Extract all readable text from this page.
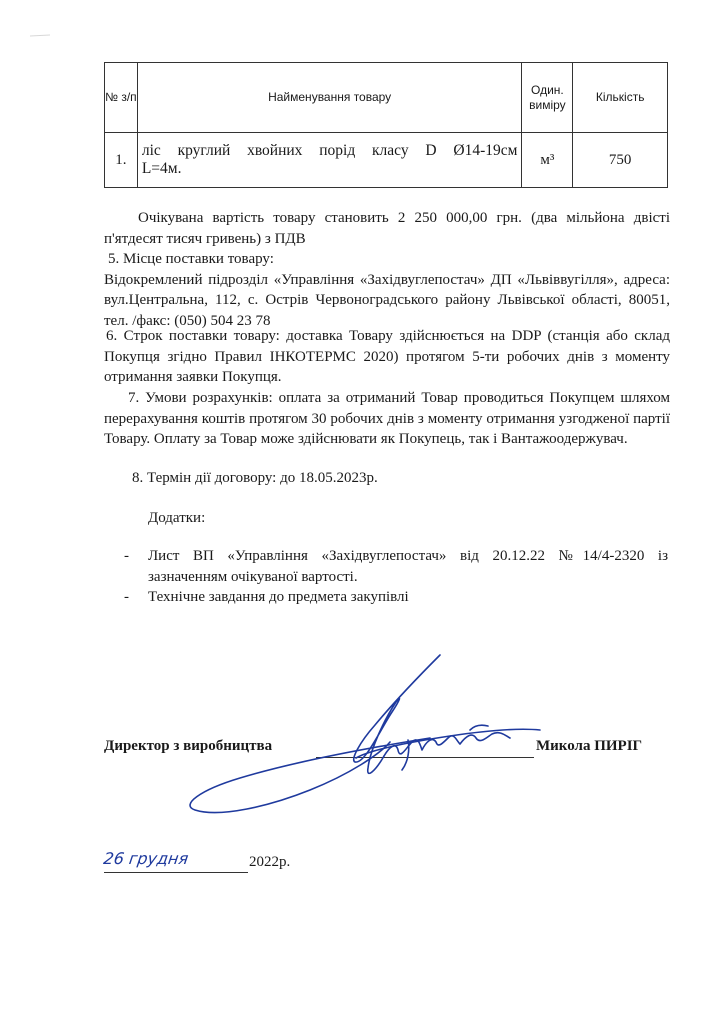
№ з/п	Найменування товару	Один. виміру	Кількість
1.	ліс круглий хвойних порід класу D Ø14-19см L=4м.	м³	750
Очікувана вартість товару становить 2 250 000,00 грн. (два мільйона двісті п'ятдесят тисяч гривень) з ПДВ
5. Місце поставки товару:
Відокремлений підрозділ «Управління «Західвуглепостач» ДП «Львіввугілля», адреса: вул.Центральна, 112, с. Острів Червоноградського району Львівської області, 80051, тел. /факс: (050) 504 23 78
6. Строк поставки товару: доставка Товару здійснюється на DDP (станція або склад Покупця згідно Правил ІНКОТЕРМС 2020) протягом 5-ти робочих днів з моменту отримання заявки Покупця.
7. Умови розрахунків: оплата за отриманий Товар проводиться Покупцем шляхом перерахування коштів протягом 30 робочих днів з моменту отримання узгодженої партії Товару. Оплату за Товар може здійснювати як Покупець, так і Вантажоодержувач.
8. Термін дії договору: до 18.05.2023р.
Додатки:
- Лист ВП «Управління «Західвуглепостач» від 20.12.22 №14/4-2320 із зазначенням очікуваної вартості.
- Технічне завдання до предмета закупівлі
Директор з виробництва	Микола ПИРІГ
26 грудня	2022р.
